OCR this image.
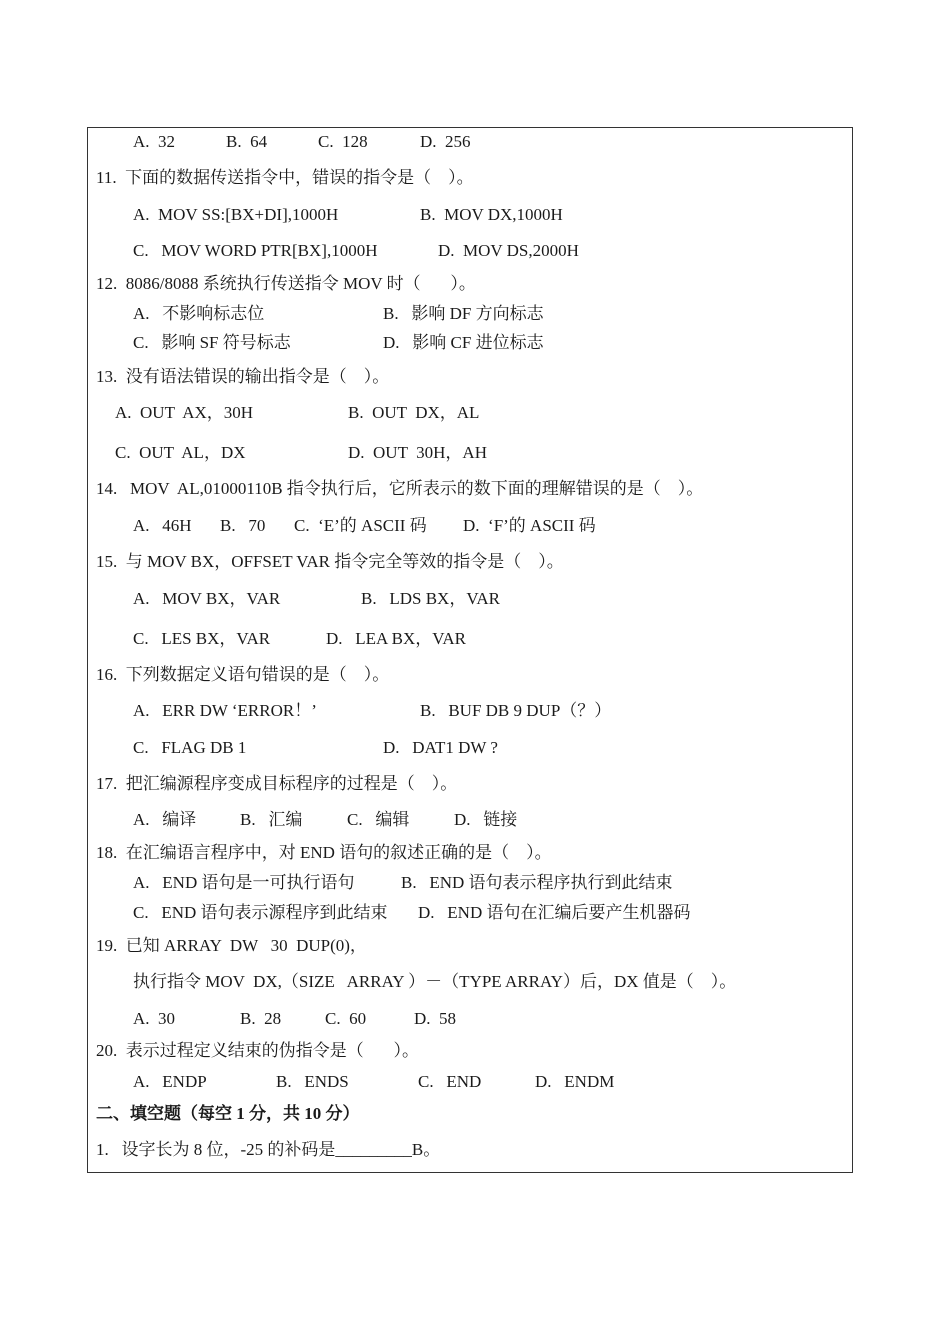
A.  32	B.  64	C.  128	D.  256
11.  下面的数据传送指令中，错误的指令是（    ）。
A.  MOV SS:[BX+DI],1000H	B.  MOV DX,1000H
C.   MOV WORD PTR[BX],1000H	D.  MOV DS,2000H
12.  8086/8088 系统执行传送指令 MOV 时（       ）。
A.   不影响标志位	B.   影响 DF 方向标志
C.   影响 SF 符号标志	D.   影响 CF 进位标志
13.  没有语法错误的输出指令是（    ）。
A.  OUT  AX，30H	B.  OUT  DX，AL
C.  OUT  AL，DX	D.  OUT  30H，AH
14.   MOV  AL,01000110B 指令执行后，它所表示的数下面的理解错误的是（    ）。
A.   46H B.   70 C.  ‘E’的 ASCII 码 D.  ‘F’的 ASCII 码
15.  与 MOV BX，OFFSET VAR 指令完全等效的指令是（    ）。
A.   MOV BX，VAR	B.   LDS BX，VAR
C.   LES BX，VAR	D.   LEA BX，VAR
16.  下列数据定义语句错误的是（    ）。
A.   ERR DW ‘ERROR！’	B.   BUF DB 9 DUP（？）
C.   FLAG DB 1	D.   DAT1 DW ?
17.  把汇编源程序变成目标程序的过程是（    ）。
A.   编译	B.   汇编	C.   编辑	D.   链接
18.  在汇编语言程序中，对 END 语句的叙述正确的是（    ）。
A.   END 语句是一可执行语句	B.   END 语句表示程序执行到此结束
C.   END 语句表示源程序到此结束 D.   END 语句在汇编后要产生机器码
19.  已知 ARRAY  DW   30  DUP(0)，
执行指令 MOV  DX,（SIZE   ARRAY ）－（TYPE ARRAY）后，DX 值是（    ）。
A.  30	B.  28	C.  60	D.  58
20.  表示过程定义结束的伪指令是（       ）。
A.   ENDP	B.   ENDS	C.   END	D.   ENDM
二、填空题（每空 1 分，共 10 分）
1.   设字长为 8 位，-25 的补码是_________B。
